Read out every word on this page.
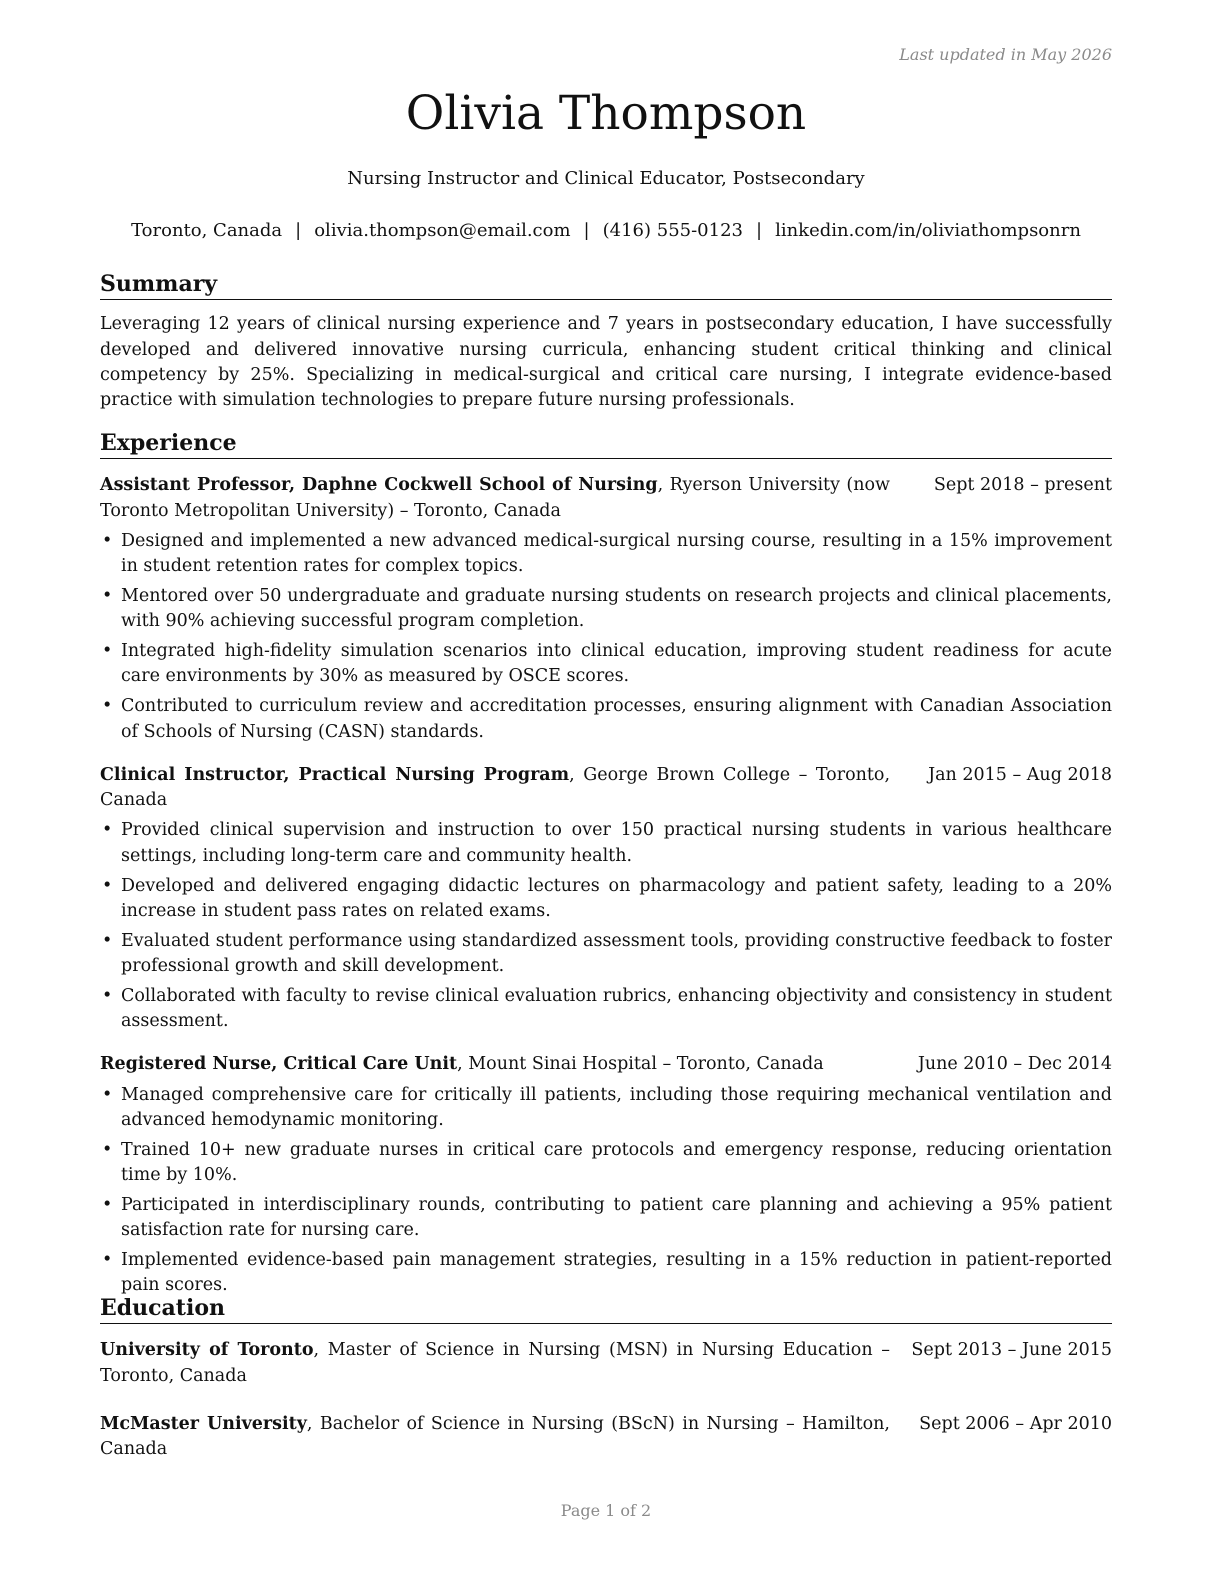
Last updated in May 2026
Olivia Thompson
Nursing Instructor and Clinical Educator, Postsecondary
Toronto, Canada | olivia.thompson@email.com | (416) 555-0123 | linkedin.com/in/oliviathompsonrn
Summary

Leveraging 12 years of clinical nursing experience and 7 years in postsecondary education, I have successfully developed and delivered innovative nursing curricula, enhancing student critical thinking and clinical competency by 25%. Specializing in medical-surgical and critical care nursing, I integrate evidence-based practice with simulation technologies to prepare future nursing professionals.

Experience
Assistant Professor, Daphne Cockwell School of Nursing, Ryerson University (now Toronto Metropolitan University) – Toronto, Canada
Sept 2018 – present
• Designed and implemented a new advanced medical-surgical nursing course, resulting in a 15% improvement in student retention rates for complex topics.
• Mentored over 50 undergraduate and graduate nursing students on research projects and clinical placements, with 90% achieving successful program completion.
• Integrated high-fidelity simulation scenarios into clinical education, improving student readiness for acute care environments by 30% as measured by OSCE scores.
• Contributed to curriculum review and accreditation processes, ensuring alignment with Canadian Association of Schools of Nursing (CASN) standards.
Clinical Instructor, Practical Nursing Program, George Brown College – Toronto, Canada
Jan 2015 – Aug 2018
• Provided clinical supervision and instruction to over 150 practical nursing students in various healthcare settings, including long-term care and community health.
• Developed and delivered engaging didactic lectures on pharmacology and patient safety, leading to a 20% increase in student pass rates on related exams.
• Evaluated student performance using standardized assessment tools, providing constructive feedback to foster professional growth and skill development.
• Collaborated with faculty to revise clinical evaluation rubrics, enhancing objectivity and consistency in student assessment.
Registered Nurse, Critical Care Unit, Mount Sinai Hospital – Toronto, Canada	June 2010 – Dec 2014
• Managed comprehensive care for critically ill patients, including those requiring mechanical ventilation and advanced hemodynamic monitoring.
• Trained 10+ new graduate nurses in critical care protocols and emergency response, reducing orientation time by 10%.
• Participated in interdisciplinary rounds, contributing to patient care planning and achieving a 95% patient satisfaction rate for nursing care.
• Implemented evidence-based pain management strategies, resulting in a 15% reduction in patient-reported pain scores.
Education
University of Toronto, Master of Science in Nursing (MSN) in Nursing Education – Toronto, Canada
Sept 2013 – June 2015
McMaster University, Bachelor of Science in Nursing (BScN) in Nursing – Hamilton, Canada
Sept 2006 – Apr 2010
Page 1 of 2
